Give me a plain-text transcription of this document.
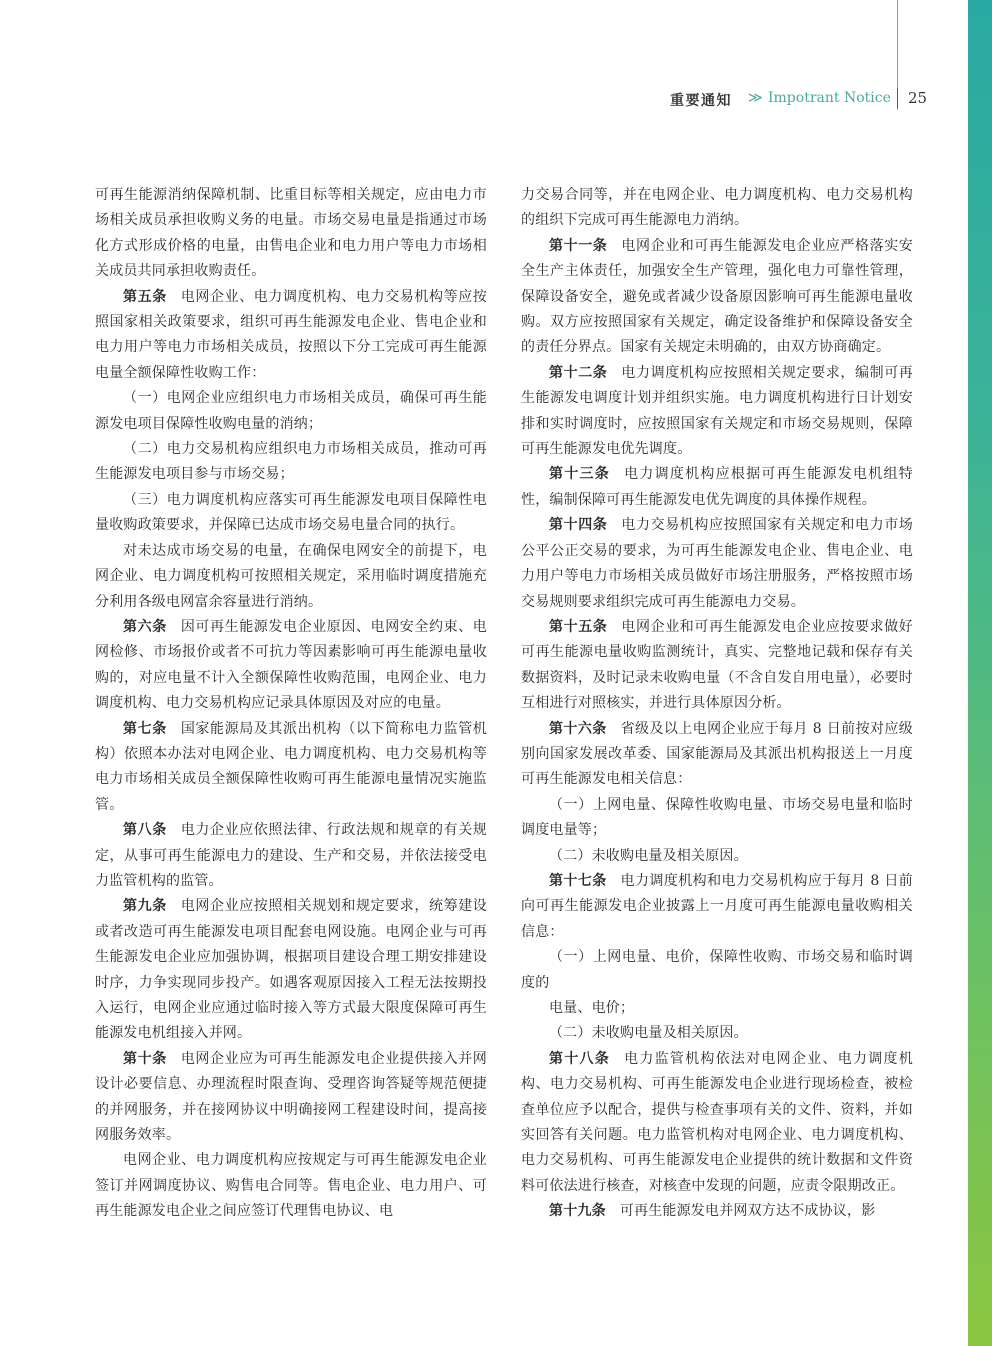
重要通知 ≫ Impotrant Notice 25

可再生能源消纳保障机制、比重目标等相关规定，应由电力市场相关成员承担收购义务的电量。市场交易电量是指通过市场化方式形成价格的电量，由售电企业和电力用户等电力市场相关成员共同承担收购责任。

第五条 电网企业、电力调度机构、电力交易机构等应按照国家相关政策要求，组织可再生能源发电企业、售电企业和电力用户等电力市场相关成员，按照以下分工完成可再生能源电量全额保障性收购工作：

（一）电网企业应组织电力市场相关成员，确保可再生能源发电项目保障性收购电量的消纳；

（二）电力交易机构应组织电力市场相关成员，推动可再生能源发电项目参与市场交易；

（三）电力调度机构应落实可再生能源发电项目保障性电量收购政策要求，并保障已达成市场交易电量合同的执行。

对未达成市场交易的电量，在确保电网安全的前提下，电网企业、电力调度机构可按照相关规定，采用临时调度措施充分利用各级电网富余容量进行消纳。

第六条 因可再生能源发电企业原因、电网安全约束、电网检修、市场报价或者不可抗力等因素影响可再生能源电量收购的，对应电量不计入全额保障性收购范围，电网企业、电力调度机构、电力交易机构应记录具体原因及对应的电量。

第七条 国家能源局及其派出机构（以下简称电力监管机构）依照本办法对电网企业、电力调度机构、电力交易机构等电力市场相关成员全额保障性收购可再生能源电量情况实施监管。

第八条 电力企业应依照法律、行政法规和规章的有关规定，从事可再生能源电力的建设、生产和交易，并依法接受电力监管机构的监管。

第九条 电网企业应按照相关规划和规定要求，统筹建设或者改造可再生能源发电项目配套电网设施。电网企业与可再生能源发电企业应加强协调，根据项目建设合理工期安排建设时序，力争实现同步投产。如遇客观原因接入工程无法按期投入运行，电网企业应通过临时接入等方式最大限度保障可再生能源发电机组接入并网。

第十条 电网企业应为可再生能源发电企业提供接入并网设计必要信息、办理流程时限查询、受理咨询答疑等规范便捷的并网服务，并在接网协议中明确接网工程建设时间，提高接网服务效率。

电网企业、电力调度机构应按规定与可再生能源发电企业签订并网调度协议、购售电合同等。售电企业、电力用户、可再生能源发电企业之间应签订代理售电协议、电

力交易合同等，并在电网企业、电力调度机构、电力交易机构的组织下完成可再生能源电力消纳。

第十一条 电网企业和可再生能源发电企业应严格落实安全生产主体责任，加强安全生产管理，强化电力可靠性管理，保障设备安全，避免或者减少设备原因影响可再生能源电量收购。双方应按照国家有关规定，确定设备维护和保障设备安全的责任分界点。国家有关规定未明确的，由双方协商确定。

第十二条 电力调度机构应按照相关规定要求，编制可再生能源发电调度计划并组织实施。电力调度机构进行日计划安排和实时调度时，应按照国家有关规定和市场交易规则，保障可再生能源发电优先调度。

第十三条 电力调度机构应根据可再生能源发电机组特性，编制保障可再生能源发电优先调度的具体操作规程。

第十四条 电力交易机构应按照国家有关规定和电力市场公平公正交易的要求，为可再生能源发电企业、售电企业、电力用户等电力市场相关成员做好市场注册服务，严格按照市场交易规则要求组织完成可再生能源电力交易。

第十五条 电网企业和可再生能源发电企业应按要求做好可再生能源电量收购监测统计，真实、完整地记载和保存有关数据资料，及时记录未收购电量（不含自发自用电量），必要时互相进行对照核实，并进行具体原因分析。

第十六条 省级及以上电网企业应于每月 8 日前按对应级别向国家发展改革委、国家能源局及其派出机构报送上一月度可再生能源发电相关信息：

（一）上网电量、保障性收购电量、市场交易电量和临时调度电量等；

（二）未收购电量及相关原因。

第十七条 电力调度机构和电力交易机构应于每月 8 日前向可再生能源发电企业披露上一月度可再生能源电量收购相关信息：

（一）上网电量、电价，保障性收购、市场交易和临时调度的

电量、电价；

（二）未收购电量及相关原因。

第十八条 电力监管机构依法对电网企业、电力调度机构、电力交易机构、可再生能源发电企业进行现场检查，被检查单位应予以配合，提供与检查事项有关的文件、资料，并如实回答有关问题。电力监管机构对电网企业、电力调度机构、电力交易机构、可再生能源发电企业提供的统计数据和文件资料可依法进行核查，对核查中发现的问题，应责令限期改正。

第十九条 可再生能源发电并网双方达不成协议，影
